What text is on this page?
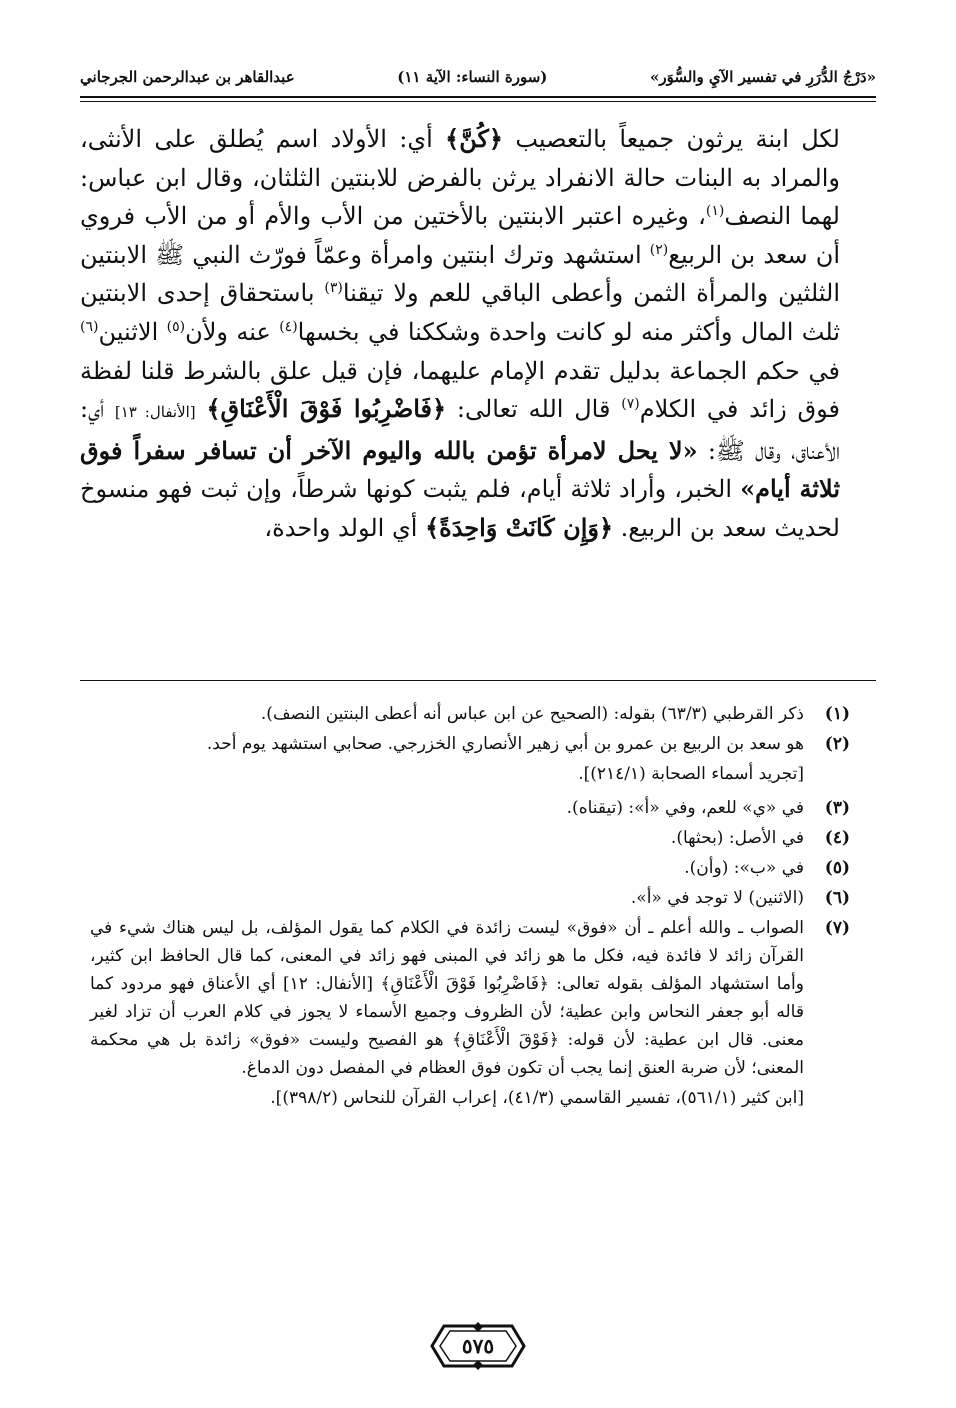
«دَرْجُ الدُّرَرِ في تفسير الآيِ والسُّوَر»
(سورة النساء: الآية ١١)
عبدالقاهر بن عبدالرحمن الجرجاني

لكل ابنة يرثون جميعاً بالتعصيب ﴿كُنَّ﴾ أي: الأولاد اسم يُطلق على الأنثى، والمراد به البنات حالة الانفراد يرثن بالفرض للابنتين الثلثان، وقال ابن عباس: لهما النصف$^{(١)}$، وغيره اعتبر الابنتين بالأختين من الأب والأم أو من الأب فروي أن سعد بن الربيع$^{(٢)}$ استشهد وترك ابنتين وامرأة وعمّاً فورّث النبي ﷺ الابنتين الثلثين والمرأة الثمن وأعطى الباقي للعم ولا تيقنا$^{(٣)}$ باستحقاق إحدى الابنتين ثلث المال وأكثر منه لو كانت واحدة وشككنا في بخسها$^{(٤)}$ عنه ولأن$^{(٥)}$ الاثنين$^{(٦)}$ في حكم الجماعة بدليل تقدم الإمام عليهما، فإن قيل علق بالشرط قلنا لفظة فوق زائد في الكلام$^{(٧)}$ قال الله تعالى: ﴿فَاضْرِبُوا فَوْقَ الْأَعْنَاقِ﴾ [الأنفال: ١٣] أي: الأعناق، وقال ﷺ: «لا يحل لامرأة تؤمن بالله واليوم الآخر أن تسافر سفراً فوق ثلاثة أيام» الخبر، وأراد ثلاثة أيام، فلم يثبت كونها شرطاً، وإن ثبت فهو منسوخ لحديث سعد بن الربيع. ﴿وَإِن كَانَتْ وَاحِدَةً﴾ أي الولد واحدة،

(١)
ذكر القرطبي (٦٣/٣) بقوله: (الصحيح عن ابن عباس أنه أعطى البنتين النصف).
(٢)
هو سعد بن الربيع بن عمرو بن أبي زهير الأنصاري الخزرجي. صحابي استشهد يوم أحد.
[تجريد أسماء الصحابة (٢١٤/١)].
(٣)
في «ي» للعم، وفي «أ»: (تيقناه).
(٤)
في الأصل: (بحثها).
(٥)
في «ب»: (وأن).
(٦)
(الاثنين) لا توجد في «أ».
(٧)
الصواب ـ والله أعلم ـ أن «فوق» ليست زائدة في الكلام كما يقول المؤلف، بل ليس هناك شيء في القرآن زائد لا فائدة فيه، فكل ما هو زائد في المبنى فهو زائد في المعنى، كما قال الحافظ ابن كثير، وأما استشهاد المؤلف بقوله تعالى: ﴿فَاضْرِبُوا فَوْقَ الْأَعْنَاقِ﴾ [الأنفال: ١٢] أي الأعناق فهو مردود كما قاله أبو جعفر النحاس وابن عطية؛ لأن الظروف وجميع الأسماء لا يجوز في كلام العرب أن تزاد لغير معنى. قال ابن عطية: لأن قوله: ﴿فَوْقَ الْأَعْنَاقِ﴾ هو الفصيح وليست «فوق» زائدة بل هي محكمة المعنى؛ لأن ضربة العنق إنما يجب أن تكون فوق العظام في المفصل دون الدماغ.
[ابن كثير (٥٦١/١)، تفسير القاسمي (٤١/٣)، إعراب القرآن للنحاس (٣٩٨/٢)].
٥٧٥
